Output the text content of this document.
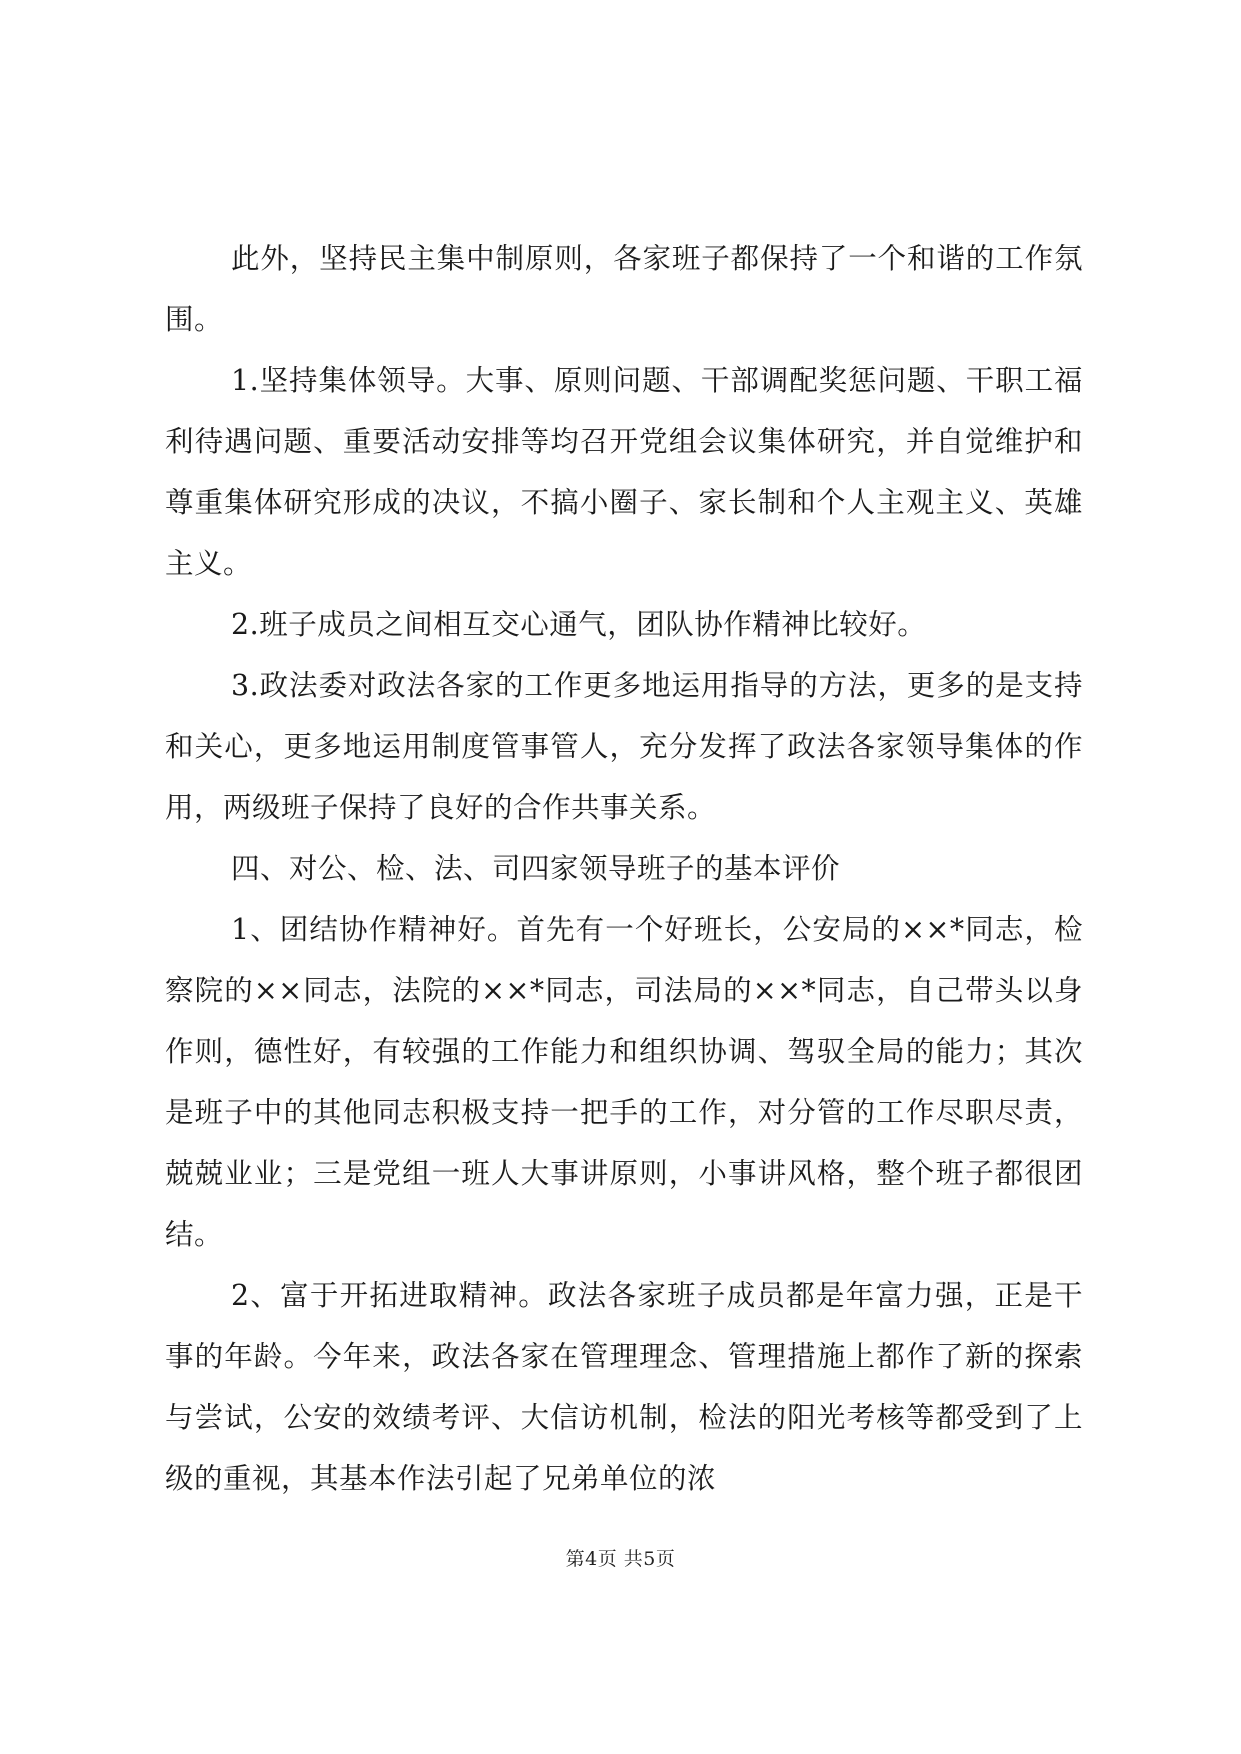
此外，坚持民主集中制原则，各家班子都保持了一个和谐的工作氛围。

1.坚持集体领导。大事、原则问题、干部调配奖惩问题、干职工福利待遇问题、重要活动安排等均召开党组会议集体研究，并自觉维护和尊重集体研究形成的决议，不搞小圈子、家长制和个人主观主义、英雄主义。

2.班子成员之间相互交心通气，团队协作精神比较好。

3.政法委对政法各家的工作更多地运用指导的方法，更多的是支持和关心，更多地运用制度管事管人，充分发挥了政法各家领导集体的作用，两级班子保持了良好的合作共事关系。

四、对公、检、法、司四家领导班子的基本评价

1、团结协作精神好。首先有一个好班长，公安局的××*同志，检察院的××同志，法院的××*同志，司法局的××*同志，自己带头以身作则，德性好，有较强的工作能力和组织协调、驾驭全局的能力；其次是班子中的其他同志积极支持一把手的工作，对分管的工作尽职尽责，兢兢业业；三是党组一班人大事讲原则，小事讲风格，整个班子都很团结。

2、富于开拓进取精神。政法各家班子成员都是年富力强，正是干事的年龄。今年来，政法各家在管理理念、管理措施上都作了新的探索与尝试，公安的效绩考评、大信访机制，检法的阳光考核等都受到了上级的重视，其基本作法引起了兄弟单位的浓

第4页 共5页
